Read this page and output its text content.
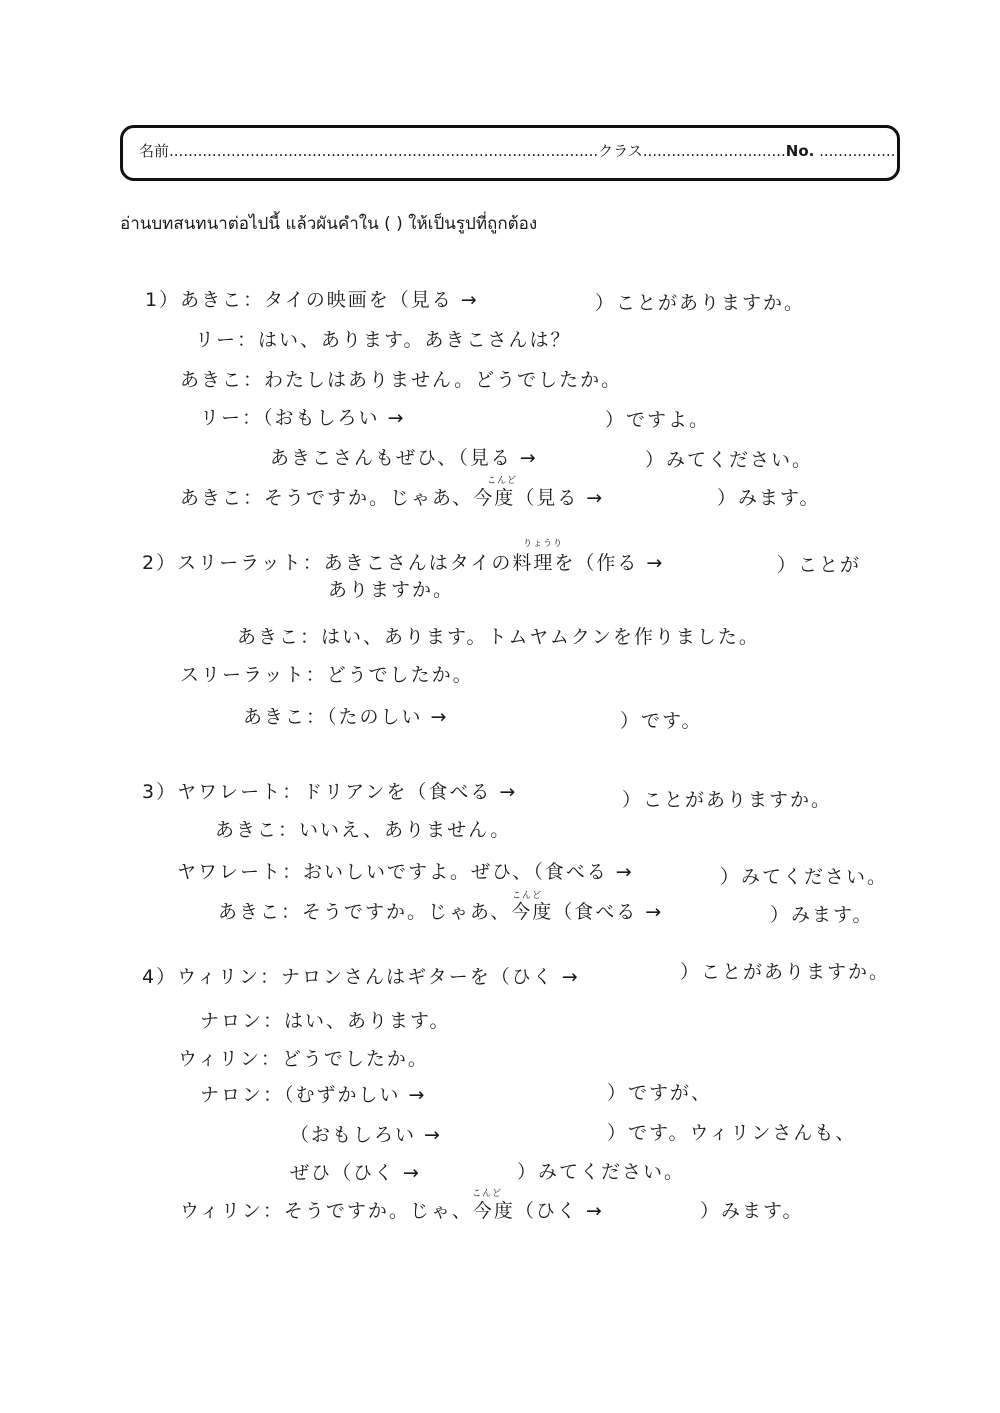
名前..........................................................................................クラス..............................No. .................
อ่านบทสนทนาต่อไปนี้ แล้วผันคำใน ( ) ให้เป็นรูปที่ถูกต้อง
1）あきこ：タイの映画を（見る →	）ことがありますか。
リー：はい、あります。あきこさんは？
あきこ：わたしはありません。どうでしたか。
リー：（おもしろい →	）ですよ。
あきこさんもぜひ、（見る →	）みてください。
こんど
あきこ：そうですか。じゃあ、今度（見る →	）みます。
りょうり
2）スリーラット：あきこさんはタイの料理を（作る →	）ことが
ありますか。
あきこ：はい、あります。トムヤムクンを作りました。
スリーラット：どうでしたか。
あきこ：（たのしい →	）です。
3）ヤワレート：ドリアンを（食べる →	）ことがありますか。
あきこ：いいえ、ありません。
ヤワレート：おいしいですよ。ぜひ、（食べる →	）みてください。
こんど
あきこ：そうですか。じゃあ、今度（食べる →	）みます。
4）ウィリン：ナロンさんはギターを（ひく →	）ことがありますか。
ナロン：はい、あります。
ウィリン：どうでしたか。
ナロン：（むずかしい →	）ですが、
（おもしろい →	）です。ウィリンさんも、
ぜひ（ひく →	）みてください。
こんど
ウィリン：そうですか。じゃ、今度（ひく →	）みます。
